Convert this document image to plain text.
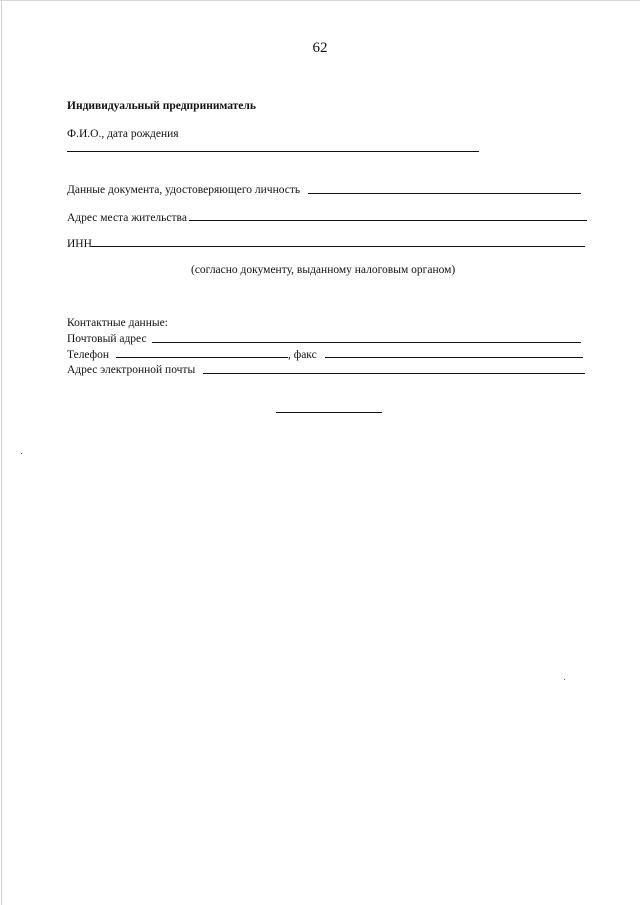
62
Индивидуальный предприниматель
Ф.И.О., дата рождения
Данные документа, удостоверяющего личность
Адрес места жительства
ИНН
(согласно документу, выданному налоговым органом)
Контактные данные:
Почтовый адрес
Телефон	, факс
Адрес электронной почты
